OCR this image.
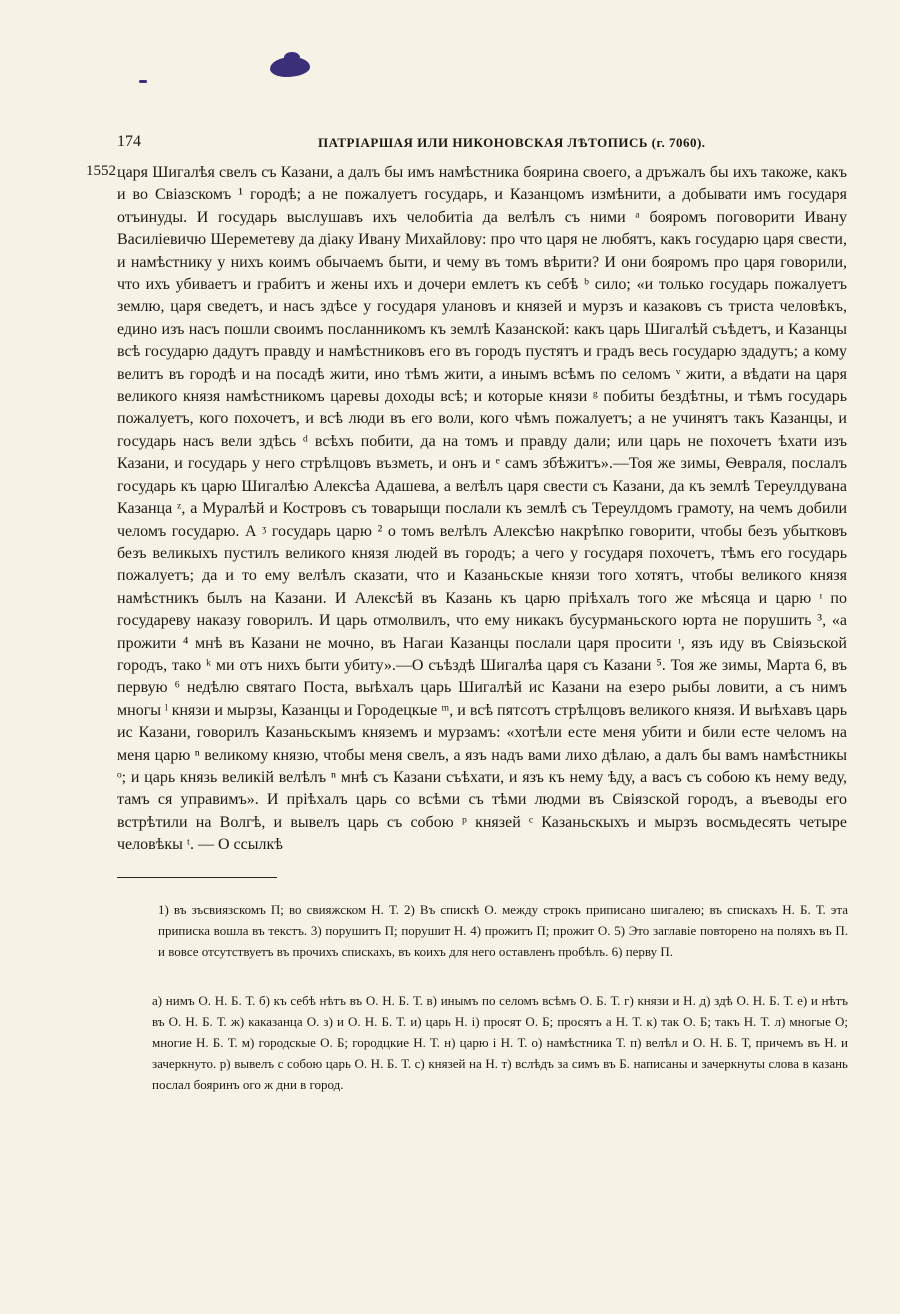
174	ПАТРІАРШАЯ ИЛИ НИКОНОВСКАЯ ЛѢТОПИСЬ (г. 7060).
1552 царя Шигалѣя свелъ съ Казани, а далъ бы имъ намѣстника боярина своего, а дръжалъ бы ихъ такоже, какъ и во Свіазскомъ ¹ городѣ; а не пожалуетъ государь, и Казанцомъ измѣнити, а добывати имъ государя отъинуды. И государь выслушавъ ихъ челобитіа да велѣлъ съ ними ᵃ бояромъ поговорити Ивану Василіевичю Шереметеву да діаку Ивану Михайлову: про что царя не любятъ, какъ государю царя свести, и намѣстнику у нихъ коимъ обычаемъ быти, и чему въ томъ вѣрити? И они бояромъ про царя говорили, что ихъ убиваетъ и грабитъ и жены ихъ и дочери емлетъ къ себѣ ᵇ сило; «и только государь пожалуетъ землю, царя сведетъ, и насъ здѣсе у государя улановъ и князей и мурзъ и казаковъ съ триста человѣкъ, едино изъ насъ пошли своимъ посланникомъ къ землѣ Казанской: какъ царь Шигалѣй съѣдетъ, и Казанцы всѣ государю дадутъ правду и намѣстниковъ его въ городъ пустятъ и градъ весь государю здадутъ; а кому велитъ въ городѣ и на посадѣ жити, ино тѣмъ жити, а инымъ всѣмъ по селомъ ᵛ жити, а вѣдати на царя великого князя намѣстникомъ царевы доходы всѣ; и которые князи ᵍ побиты бездѣтны, и тѣмъ государь пожалуетъ, кого похочетъ, и всѣ люди въ его воли, кого чѣмъ пожалуетъ; а не учинятъ такъ Казанцы, и государь насъ вели здѣсь ᵈ всѣхъ побити, да на томъ и правду дали; или царь не похочетъ ѣхати изъ Казани, и государь у него стрѣлцовъ възметь, и онъ и ᵉ самъ збѣжитъ».—Тоя же зимы, Ѳевраля, послалъ государь къ царю Шигалѣю Алексѣа Адашева, а велѣлъ царя свести съ Казани, да къ землѣ Тереулдувана Казанца ᶻ, а Муралѣй и Костровъ съ товарыщи послали къ землѣ съ Тереулдомъ грамоту, на чемъ добили челомъ государю. А ᶾ государь царю ² о томъ велѣлъ Алексѣю накрѣпко говорити, чтобы безъ убытковъ безъ великыхъ пустилъ великого князя людей въ городъ; а чего у государя похочетъ, тѣмъ его государь пожалуетъ; да и то ему велѣлъ сказати, что и Казаньскые князи того хотятъ, чтобы великого князя намѣстникъ былъ на Казани. И Алексѣй въ Казань къ царю пріѣхалъ того же мѣсяца и царю ᶦ по государеву наказу говорилъ. И царь отмолвилъ, что ему никакъ бусурманьского юрта не порушить ³, «а прожити ⁴ мнѣ въ Казани не мочно, въ Нагаи Казанцы послали царя просити ᶦ, язъ иду въ Свіязьской городъ, тако ᵏ ми отъ нихъ быти убиту».—О съѣздѣ Шигалѣа царя съ Казани ⁵. Тоя же зимы, Марта 6, въ первую ⁶ недѣлю святаго Поста, выѣхалъ царь Шигалѣй ис Казани на езеро рыбы ловити, а съ нимъ многы ˡ князи и мырзы, Казанцы и Городецкые ᵐ, и всѣ пятсотъ стрѣлцовъ великого князя. И выѣхавъ царь ис Казани, говорилъ Казаньскымъ княземъ и мурзамъ: «хотѣли есте меня убити и били есте челомъ на меня царю ⁿ великому князю, чтобы меня свелъ, а язъ надъ вами лихо дѣлаю, а далъ бы вамъ намѣстникы ᵒ; и царь князь великій велѣлъ ⁿ мнѣ съ Казани съѣхати, и язъ къ нему ѣду, а васъ съ собою къ нему веду, тамъ ся управимъ». И пріѣхалъ царь со всѣми съ тѣми людми въ Свіязской городъ, а въеводы его встрѣтили на Волгѣ, и вывелъ царь съ собою ᵖ князей ᶜ Казаньскыхъ и мырзъ восмьдесять четыре человѣкы ᵗ. — О ссылкѣ

1) въ зъсвиязскомъ П; во свияжском Н. Т. 2) Въ спискѣ О. между строкъ приписано шигалею; въ спискахъ Н. Б. Т. эта приписка вошла въ текстъ. 3) порушитъ П; порушит Н. 4) прожитъ П; прожит О. 5) Это заглавіе повторено на поляхъ въ П. и вовсе отсутствуетъ въ прочихъ спискахъ, въ коихъ для него оставленъ пробѣлъ. 6) перву П.

а) нимъ О. Н. Б. Т. б) къ себѣ нѣтъ въ О. Н. Б. Т. в) инымъ по селомъ всѣмъ О. Б. Т. г) князи и Н. д) здѣ О. Н. Б. Т. е) и нѣтъ въ О. Н. Б. Т. ж) каказанца О. з) и О. Н. Б. Т. и) царь Н. і) просят О. Б; просятъ а Н. Т. к) так О. Б; такъ Н. Т. л) многые О; многие Н. Б. Т. м) городскые О. Б; городцкие Н. Т. н) царю і Н. Т. о) намѣстника Т. п) велѣл и О. Н. Б. Т, причемъ въ Н. и зачеркнуто. р) вывелъ с собою царь О. Н. Б. Т. с) князей на Н. т) вслѣдъ за симъ въ Б. написаны и зачеркнуты слова в казань послал бояринъ ого ж дни в город.
